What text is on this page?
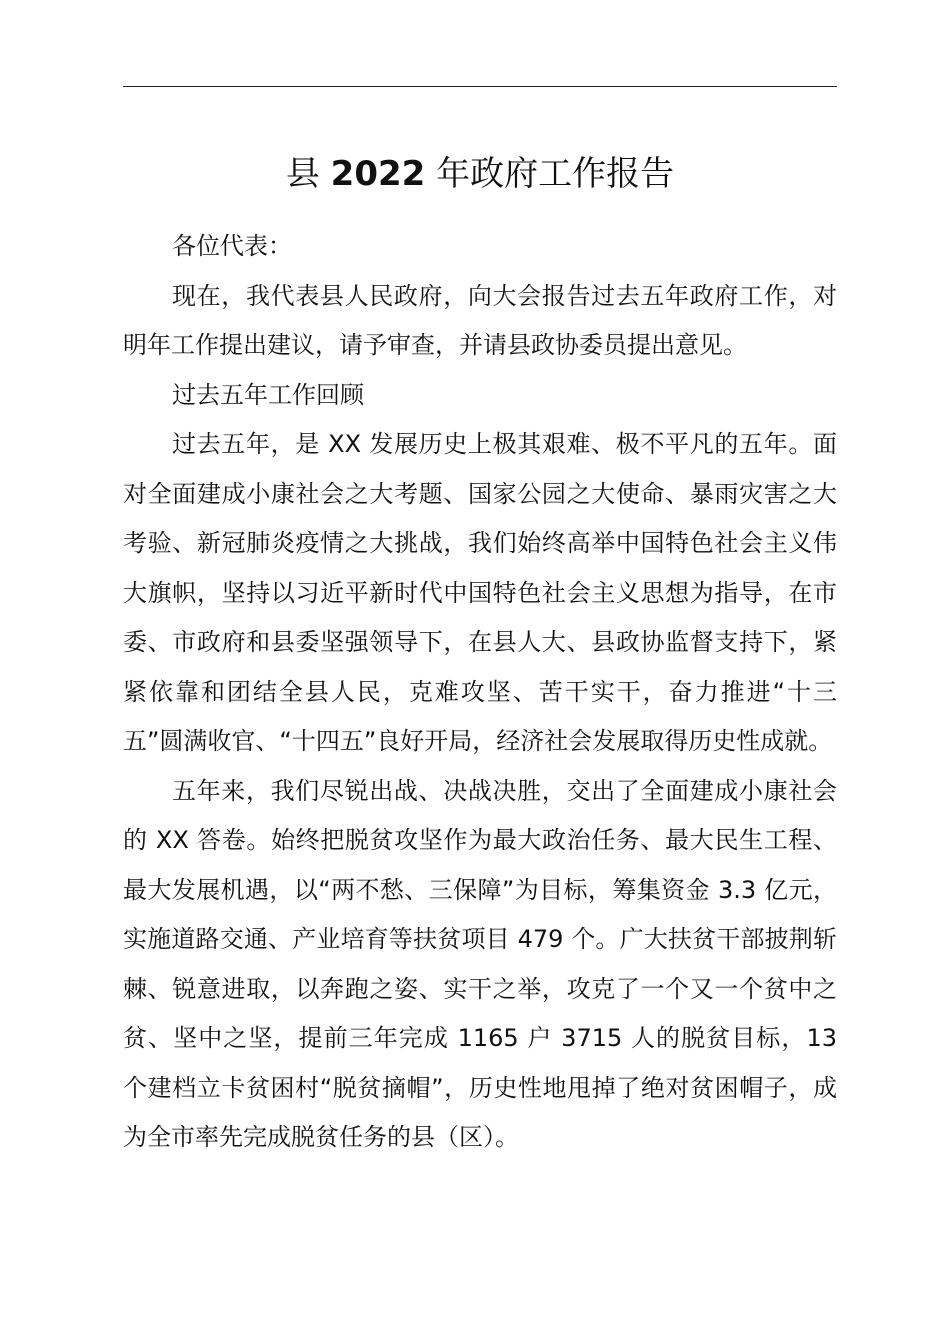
县 2022 年政府工作报告

各位代表：

现在，我代表县人民政府，向大会报告过去五年政府工作，对明年工作提出建议，请予审查，并请县政协委员提出意见。

过去五年工作回顾

过去五年，是 XX 发展历史上极其艰难、极不平凡的五年。面对全面建成小康社会之大考题、国家公园之大使命、暴雨灾害之大考验、新冠肺炎疫情之大挑战，我们始终高举中国特色社会主义伟大旗帜，坚持以习近平新时代中国特色社会主义思想为指导，在市委、市政府和县委坚强领导下，在县人大、县政协监督支持下，紧紧依靠和团结全县人民，克难攻坚、苦干实干，奋力推进“十三五”圆满收官、“十四五”良好开局，经济社会发展取得历史性成就。

五年来，我们尽锐出战、决战决胜，交出了全面建成小康社会的 XX 答卷。始终把脱贫攻坚作为最大政治任务、最大民生工程、最大发展机遇，以“两不愁、三保障”为目标，筹集资金 3.3 亿元，实施道路交通、产业培育等扶贫项目 479 个。广大扶贫干部披荆斩棘、锐意进取，以奔跑之姿、实干之举，攻克了一个又一个贫中之贫、坚中之坚，提前三年完成 1165 户 3715 人的脱贫目标，13 个建档立卡贫困村“脱贫摘帽”，历史性地甩掉了绝对贫困帽子，成为全市率先完成脱贫任务的县（区）。
